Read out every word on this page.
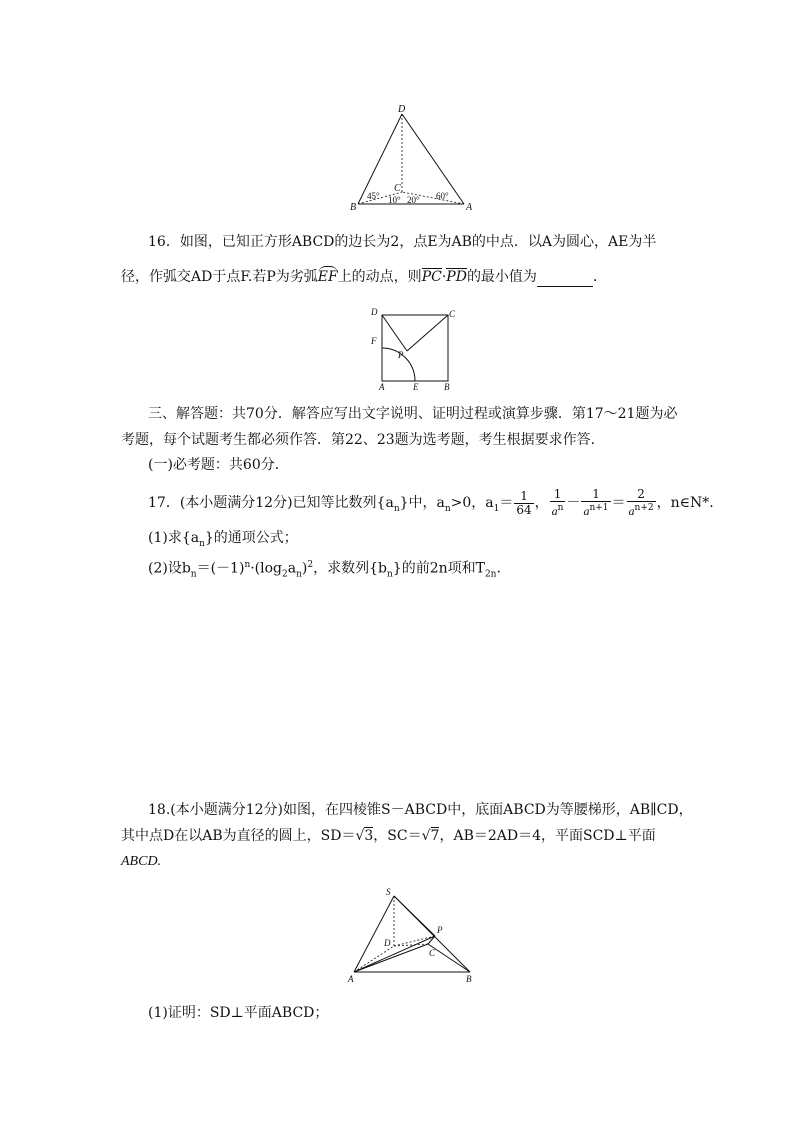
D
B
C
A
45° 10° 20° 60°
16．如图，已知正方形ABCD的边长为2，点E为AB的中点．以A为圆心，AE为半
径，作弧交AD于点F.若P为劣弧EF上的动点，则PC·PD的最小值为	．
D	C
F
P
A	E	B
三、解答题：共70分．解答应写出文字说明、证明过程或演算步骤．第17～21题为必
考题，每个试题考生都必须作答．第22、23题为选考题，考生根据要求作答．
(一)必考题：共60分．
17．(本小题满分12分)已知等比数列$\{a_n\}$中，$a_n>0$，$a_1= \frac{1}{64}$ ， $\frac{1}{a^n} - \frac{1}{a^{n+1}} = \frac{2}{a^{n+2}}$ ，n∈N*.
(1)求$\{a_n\}$的通项公式；
(2)设$b_n=(-1)^n\cdot(\log_2a_n)^2$，求数列$\{b_n\}$的前2n项和$T_{2n}$.
18.(本小题满分12分)如图，在四棱锥S－ABCD中，底面ABCD为等腰梯形，AB∥CD，
其中点D在以AB为直径的圆上，SD＝√3，SC＝√7，AB＝2AD＝4，平面SCD⊥平面
ABCD.
S
P
D
C
A	B
(1)证明：SD⊥平面ABCD；
